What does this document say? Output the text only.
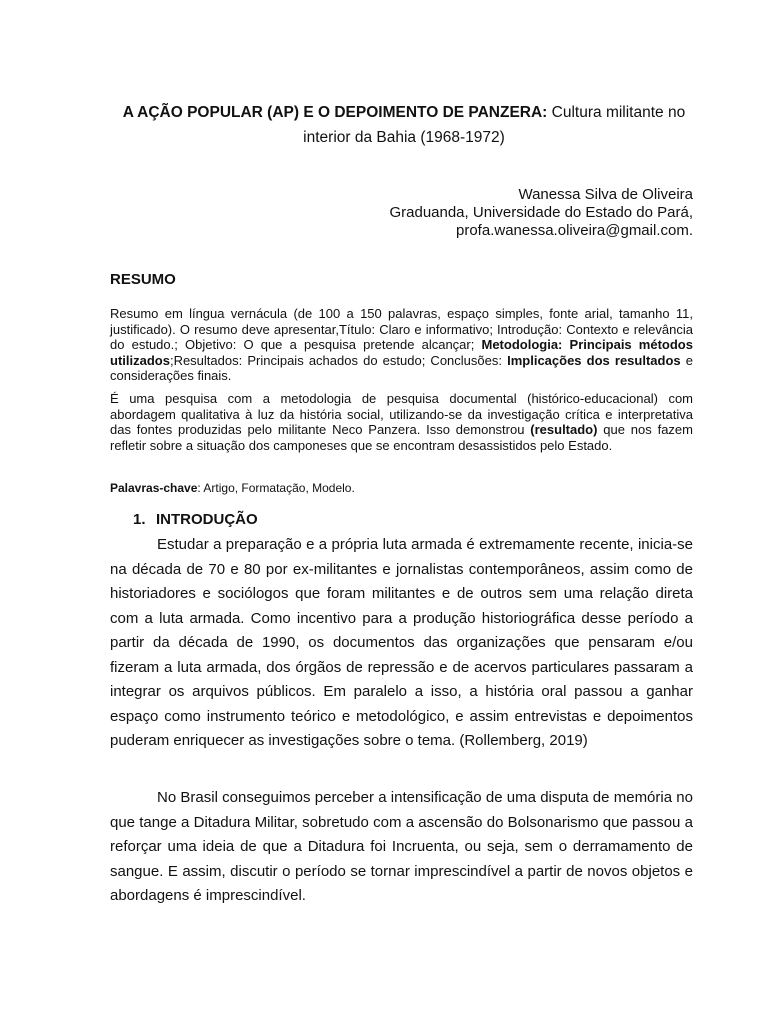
A AÇÃO POPULAR (AP) E O DEPOIMENTO DE PANZERA: Cultura militante no interior da Bahia (1968-1972)
Wanessa Silva de Oliveira
Graduanda, Universidade do Estado do Pará,
profa.wanessa.oliveira@gmail.com.
RESUMO

Resumo em língua vernácula (de 100 a 150 palavras, espaço simples, fonte arial, tamanho 11, justificado). O resumo deve apresentar,Título: Claro e informativo; Introdução: Contexto e relevância do estudo.; Objetivo: O que a pesquisa pretende alcançar; Metodologia: Principais métodos utilizados;Resultados: Principais achados do estudo; Conclusões: Implicações dos resultados e considerações finais.

É uma pesquisa com a metodologia de pesquisa documental (histórico-educacional) com abordagem qualitativa à luz da história social, utilizando-se da investigação crítica e interpretativa das fontes produzidas pelo militante Neco Panzera. Isso demonstrou (resultado) que nos fazem refletir sobre a situação dos camponeses que se encontram desassistidos pelo Estado.

Palavras-chave: Artigo, Formatação, Modelo.
1. INTRODUÇÃO

Estudar a preparação e a própria luta armada é extremamente recente, inicia-se na década de 70 e 80 por ex-militantes e jornalistas contemporâneos, assim como de historiadores e sociólogos que foram militantes e de outros sem uma relação direta com a luta armada. Como incentivo para a produção historiográfica desse período a partir da década de 1990, os documentos das organizações que pensaram e/ou fizeram a luta armada, dos órgãos de repressão e de acervos particulares passaram a integrar os arquivos públicos. Em paralelo a isso, a história oral passou a ganhar espaço como instrumento teórico e metodológico, e assim entrevistas e depoimentos puderam enriquecer as investigações sobre o tema. (Rollemberg, 2019)

No Brasil conseguimos perceber a intensificação de uma disputa de memória no que tange a Ditadura Militar, sobretudo com a ascensão do Bolsonarismo que passou a reforçar uma ideia de que a Ditadura foi Incruenta, ou seja, sem o derramamento de sangue. E assim, discutir o período se tornar imprescindível a partir de novos objetos e abordagens é imprescindível.
